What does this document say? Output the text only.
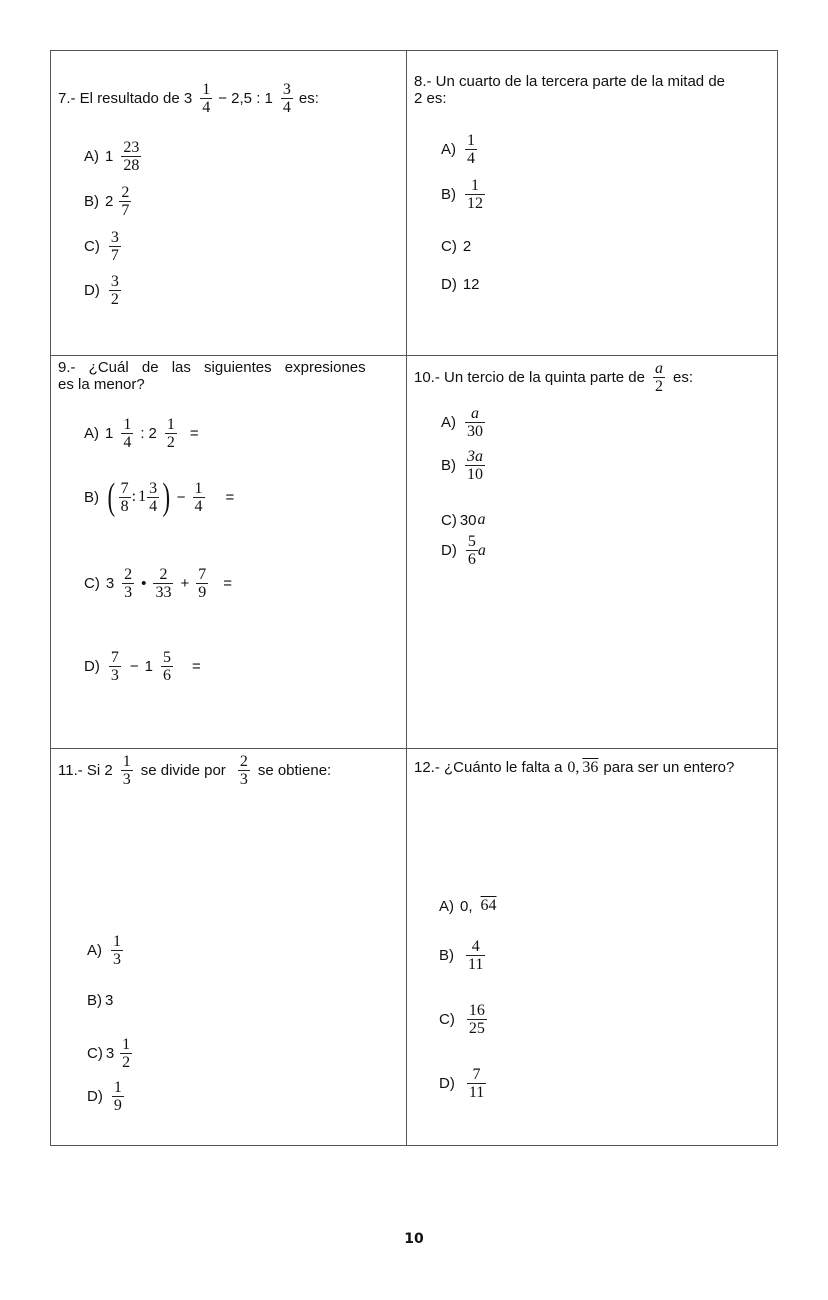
7.- El resultado de $3 \frac{1}{4} - 2,5$ : $1 \frac{3}{4}$ es:
A) $1 \frac{23}{28}$
B) $2 \frac{2}{7}$
$C) \frac{3}{7}$
$D) \frac{3}{2}$
8.- Un cuarto de la tercera parte de la mitad de
2 es:
$A) \frac{1}{4}$
$B) \frac{1}{12}$
C) 2
D) 12
9.- ¿Cuál de las siguientes expresiones
es la menor?
A) $1 \frac{1}{4}$ : $2 \frac{1}{2}$ =
B) ( $\frac{7}{8}$ : $1 \frac{3}{4}$ ) − $\frac{1}{4}$ =
C) $3 \frac{2}{3}$ • $\frac{2}{33} + \frac{7}{9}$ =
$D) \frac{7}{3} - 1 \frac{5}{6}$ =
10.- Un tercio de la quinta parte de $\frac{a}{2}$ es:
$A) \frac{a}{30}$
$B) \frac{3a}{10}$
C) 30 a
$D) \frac{5}{6}$ a
11.- Si $2 \frac{1}{3}$ se divide por $\frac{2}{3}$ se obtiene:
$A) \frac{1}{3}$
B) 3
C) $3 \frac{1}{2}$
$D) \frac{1}{9}$
12.- ¿Cuánto le falta a 0, 36 para ser un entero?
A) 0, 64
$B) \frac{4}{11}$
$C) \frac{16}{25}$
$D) \frac{7}{11}$
10
